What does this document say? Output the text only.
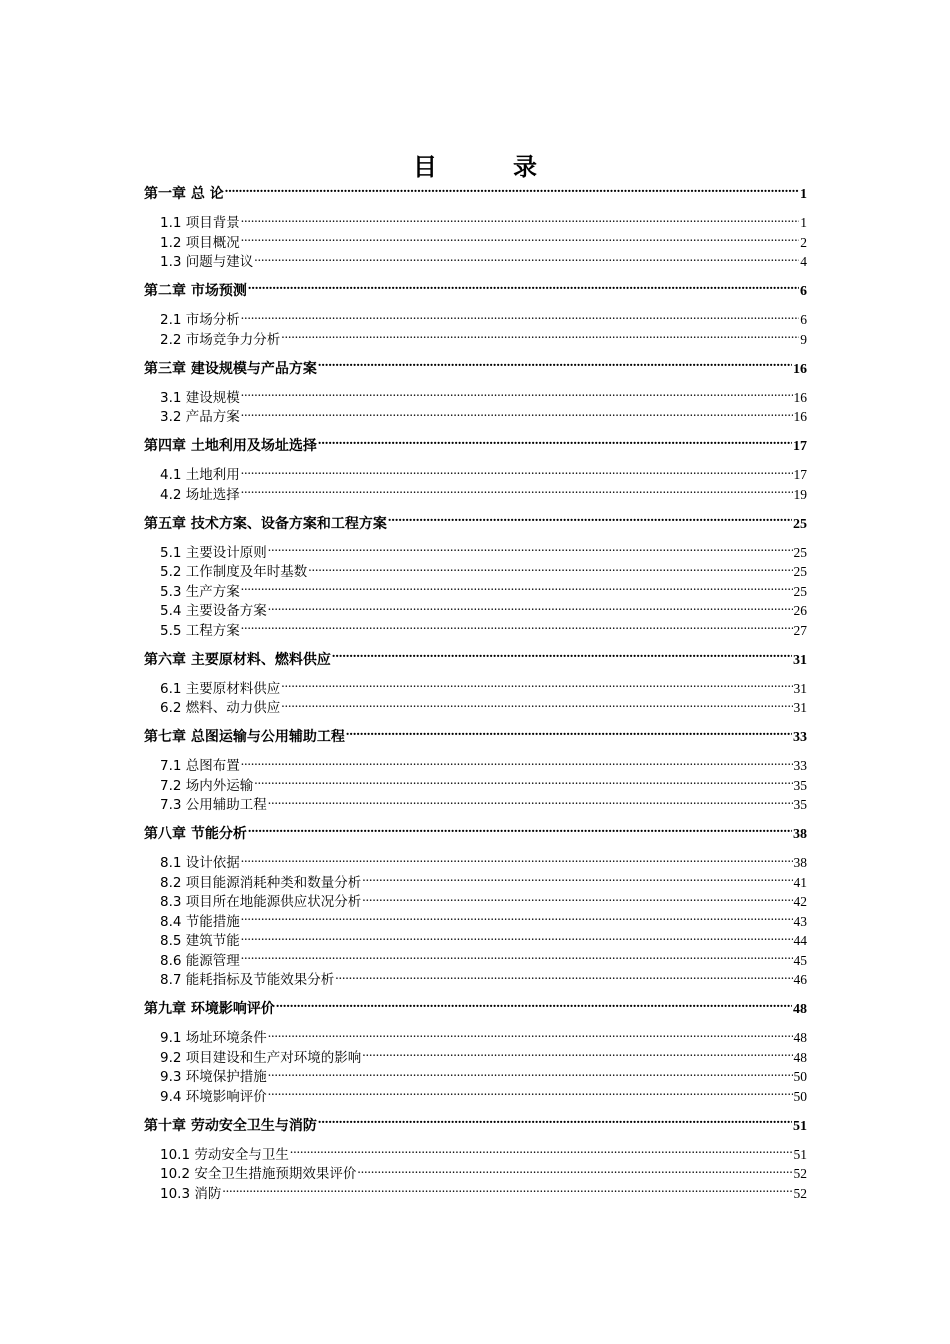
目　录
第一章 总 论 .....	1
1.1 项目背景 .....	1
1.2 项目概况 .....	2
1.3 问题与建议 .....	4
第二章 市场预测 .....	6
2.1 市场分析 .....	6
2.2 市场竞争力分析 .....	9
第三章 建设规模与产品方案 .....	16
3.1 建设规模 .....	16
3.2 产品方案 .....	16
第四章 土地利用及场址选择 .....	17
4.1 土地利用 .....	17
4.2 场址选择 .....	19
第五章 技术方案、设备方案和工程方案 .....	25
5.1 主要设计原则 .....	25
5.2 工作制度及年时基数 .....	25
5.3 生产方案 .....	25
5.4 主要设备方案 .....	26
5.5 工程方案 .....	27
第六章 主要原材料、燃料供应 .....	31
6.1 主要原材料供应 .....	31
6.2 燃料、动力供应 .....	31
第七章 总图运输与公用辅助工程 .....	33
7.1 总图布置 .....	33
7.2 场内外运输 .....	35
7.3 公用辅助工程 .....	35
第八章 节能分析 .....	38
8.1 设计依据 .....	38
8.2 项目能源消耗种类和数量分析 .....	41
8.3 项目所在地能源供应状况分析 .....	42
8.4 节能措施 .....	43
8.5 建筑节能 .....	44
8.6 能源管理 .....	45
8.7 能耗指标及节能效果分析 .....	46
第九章 环境影响评价 .....	48
9.1 场址环境条件 .....	48
9.2 项目建设和生产对环境的影响 .....	48
9.3 环境保护措施 .....	50
9.4 环境影响评价 .....	50
第十章 劳动安全卫生与消防 .....	51
10.1 劳动安全与卫生 .....	51
10.2 安全卫生措施预期效果评价 .....	52
10.3 消防 .....	52
